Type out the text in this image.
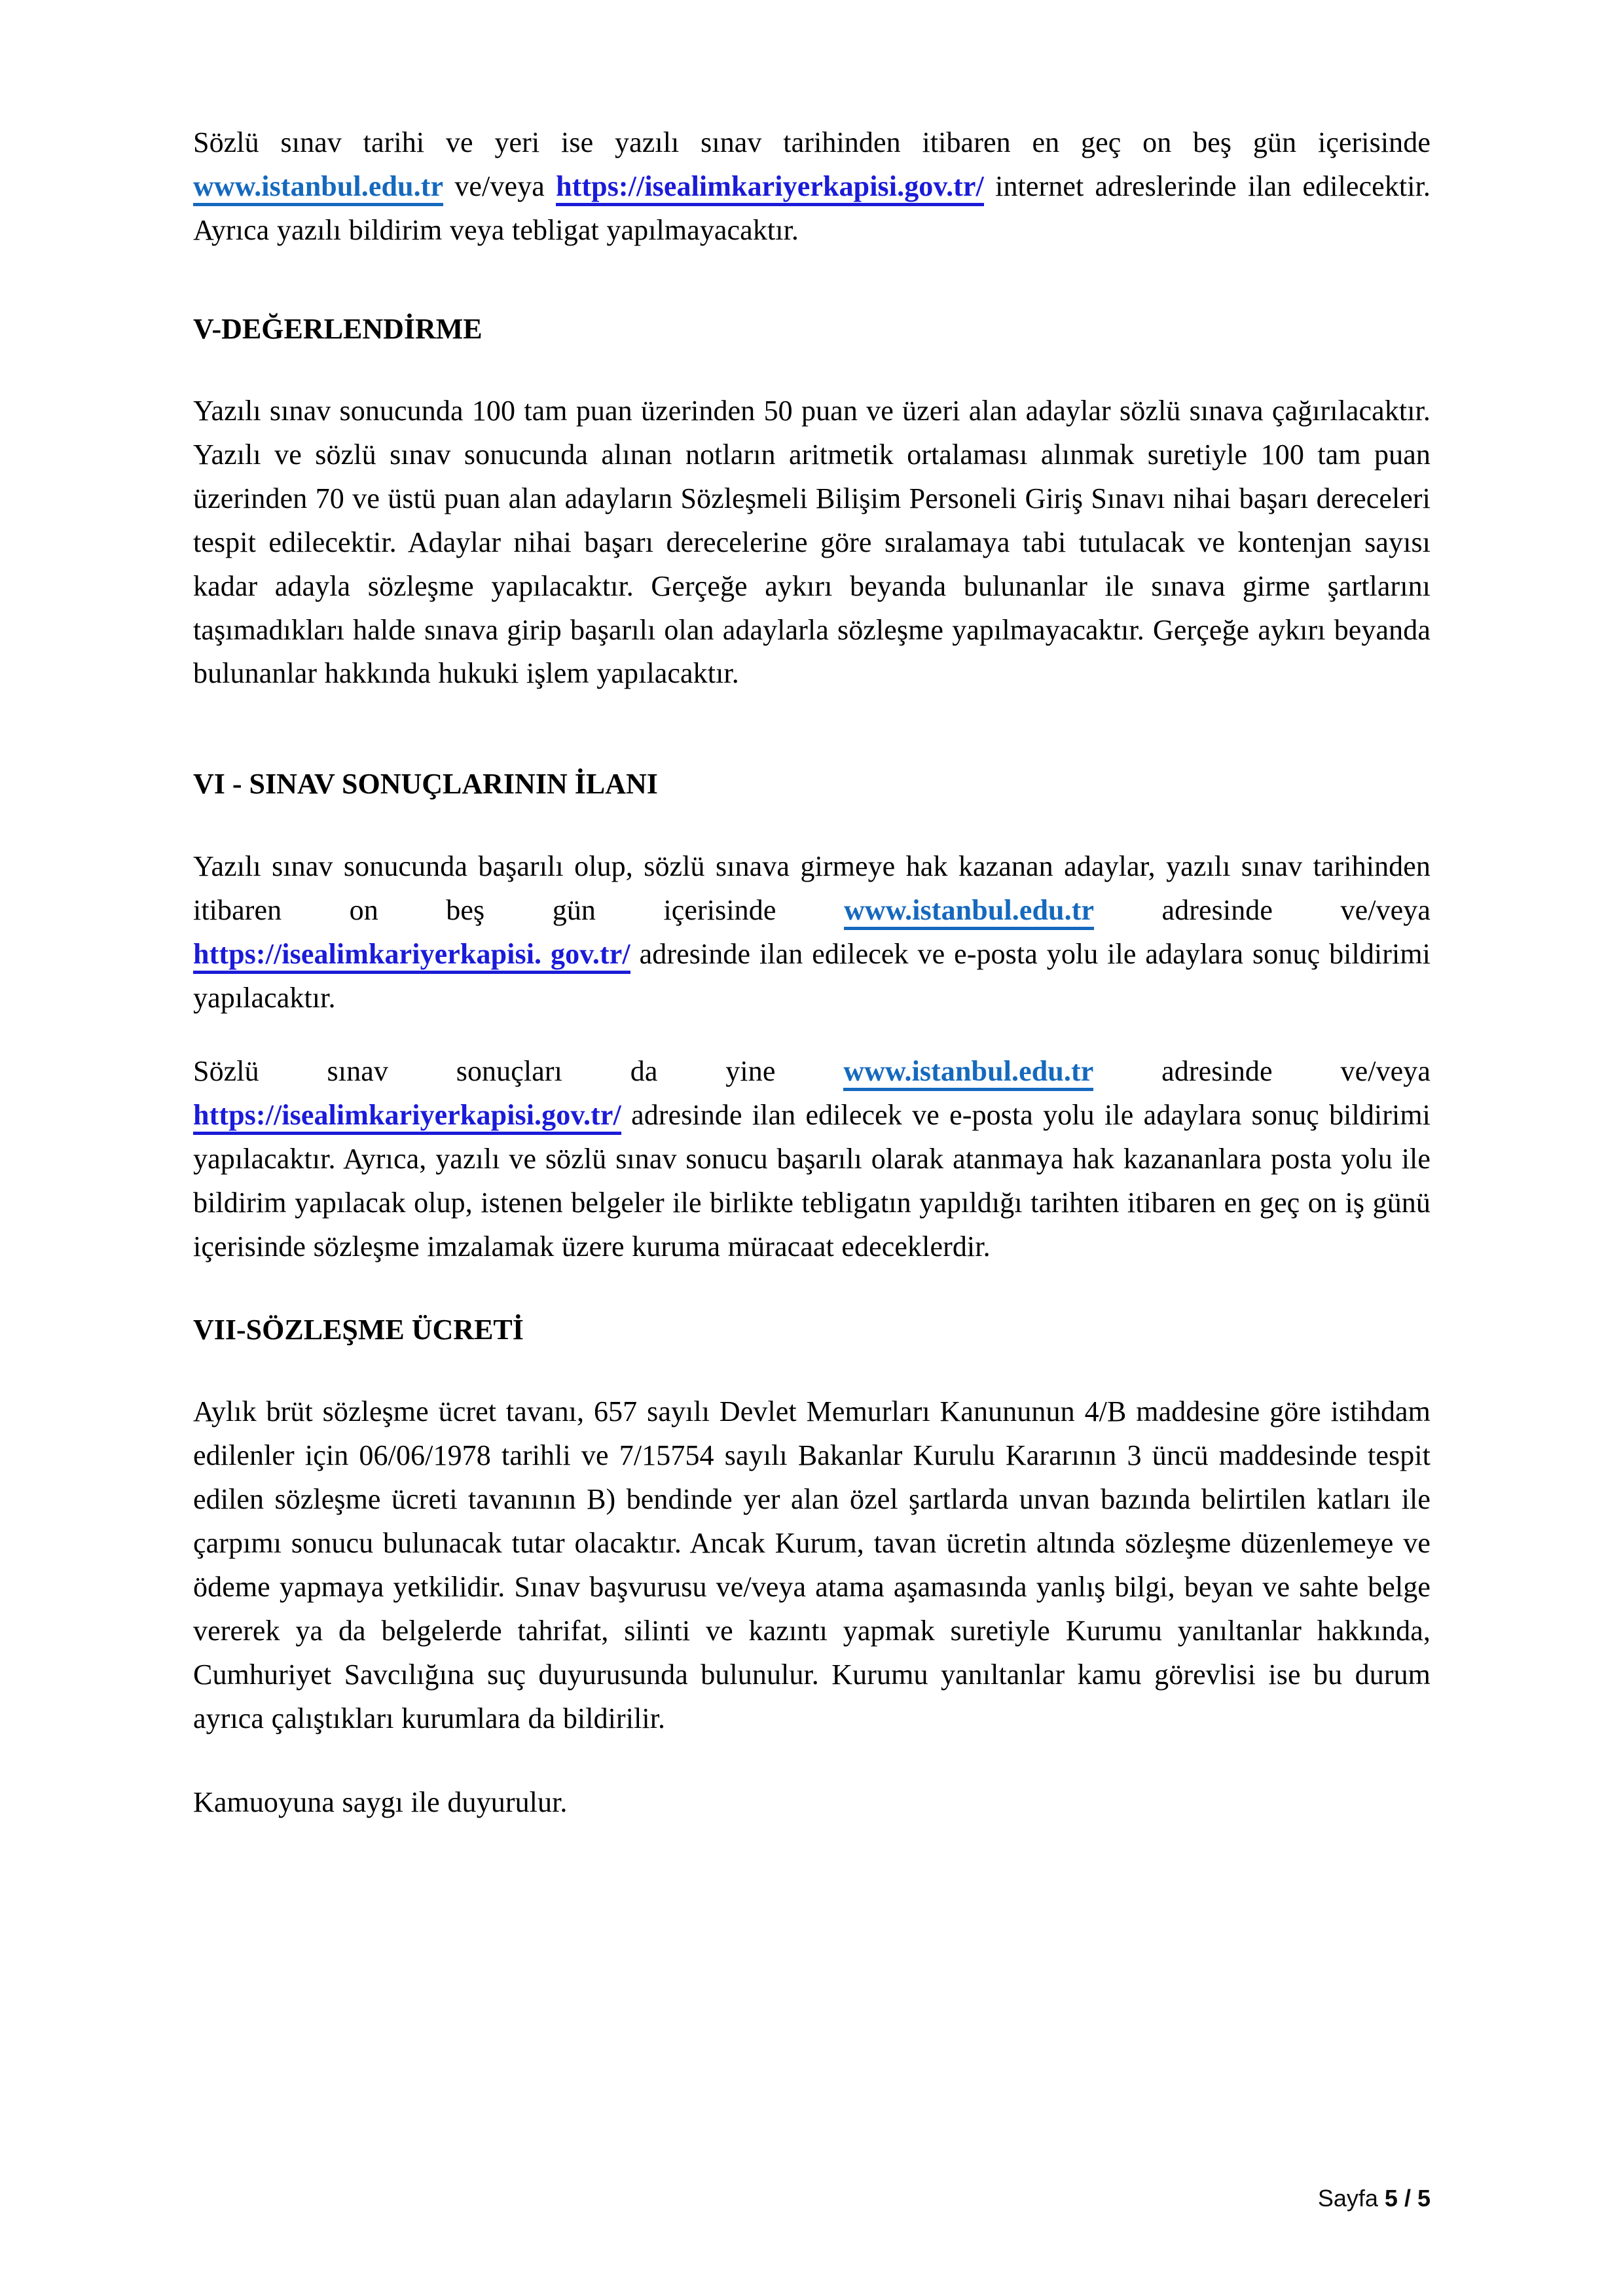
Sözlü sınav tarihi ve yeri ise yazılı sınav tarihinden itibaren en geç on beş gün içerisinde www.istanbul.edu.tr ve/veya https://isealimkariyerkapisi.gov.tr/ internet adreslerinde ilan edilecektir. Ayrıca yazılı bildirim veya tebligat yapılmayacaktır.

V-DEĞERLENDİRME

Yazılı sınav sonucunda 100 tam puan üzerinden 50 puan ve üzeri alan adaylar sözlü sınava çağırılacaktır. Yazılı ve sözlü sınav sonucunda alınan notların aritmetik ortalaması alınmak suretiyle 100 tam puan üzerinden 70 ve üstü puan alan adayların Sözleşmeli Bilişim Personeli Giriş Sınavı nihai başarı dereceleri tespit edilecektir. Adaylar nihai başarı derecelerine göre sıralamaya tabi tutulacak ve kontenjan sayısı kadar adayla sözleşme yapılacaktır. Gerçeğe aykırı beyanda bulunanlar ile sınava girme şartlarını taşımadıkları halde sınava girip başarılı olan adaylarla sözleşme yapılmayacaktır. Gerçeğe aykırı beyanda bulunanlar hakkında hukuki işlem yapılacaktır.

VI - SINAV SONUÇLARININ İLANI

Yazılı sınav sonucunda başarılı olup, sözlü sınava girmeye hak kazanan adaylar, yazılı sınav tarihinden itibaren on beş gün içerisinde www.istanbul.edu.tr adresinde ve/veya https://isealimkariyerkapisi. gov.tr/ adresinde ilan edilecek ve e-posta yolu ile adaylara sonuç bildirimi yapılacaktır.

Sözlü sınav sonuçları da yine www.istanbul.edu.tr adresinde ve/veya https://isealimkariyerkapisi.gov.tr/ adresinde ilan edilecek ve e-posta yolu ile adaylara sonuç bildirimi yapılacaktır. Ayrıca, yazılı ve sözlü sınav sonucu başarılı olarak atanmaya hak kazananlara posta yolu ile bildirim yapılacak olup, istenen belgeler ile birlikte tebligatın yapıldığı tarihten itibaren en geç on iş günü içerisinde sözleşme imzalamak üzere kuruma müracaat edeceklerdir.

VII-SÖZLEŞME ÜCRETİ

Aylık brüt sözleşme ücret tavanı, 657 sayılı Devlet Memurları Kanununun 4/B maddesine göre istihdam edilenler için 06/06/1978 tarihli ve 7/15754 sayılı Bakanlar Kurulu Kararının 3 üncü maddesinde tespit edilen sözleşme ücreti tavanının B) bendinde yer alan özel şartlarda unvan bazında belirtilen katları ile çarpımı sonucu bulunacak tutar olacaktır. Ancak Kurum, tavan ücretin altında sözleşme düzenlemeye ve ödeme yapmaya yetkilidir. Sınav başvurusu ve/veya atama aşamasında yanlış bilgi, beyan ve sahte belge vererek ya da belgelerde tahrifat, silinti ve kazıntı yapmak suretiyle Kurumu yanıltanlar hakkında, Cumhuriyet Savcılığına suç duyurusunda bulunulur. Kurumu yanıltanlar kamu görevlisi ise bu durum ayrıca çalıştıkları kurumlara da bildirilir.

Kamuoyuna saygı ile duyurulur.

Sayfa 5 / 5
